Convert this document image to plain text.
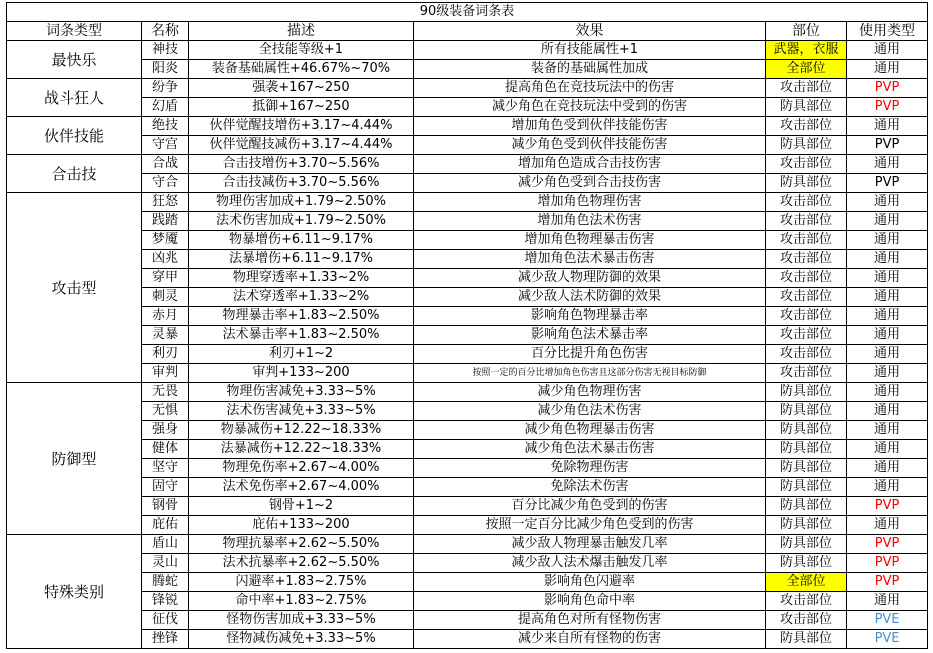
90级装备词条表					
词条类型	名称	描述	效果	部位	使用类型
最快乐	神技	全技能等级+1	所有技能属性+1	武器，衣服	通用
	阳炎	装备基础属性+46.67%~70%	装备的基础属性加成	全部位	通用
战斗狂人	纷争	强袭+167~250	提高角色在竞技玩法中的伤害	攻击部位	PVP
	幻盾	抵御+167~250	减少角色在竞技玩法中受到的伤害	防具部位	PVP
伙伴技能	绝技	伙伴觉醒技增伤+3.17~4.44%	增加角色受到伙伴技能伤害	攻击部位	通用
	守宫	伙伴觉醒技减伤+3.17~4.44%	减少角色受到伙伴技能伤害	防具部位	PVP
合击技	合战	合击技增伤+3.70~5.56%	增加角色造成合击技伤害	攻击部位	通用
	守合	合击技减伤+3.70~5.56%	减少角色受到合击技伤害	防具部位	PVP
攻击型	狂怒	物理伤害加成+1.79~2.50%	增加角色物理伤害	攻击部位	通用
	践踏	法术伤害加成+1.79~2.50%	增加角色法术伤害	攻击部位	通用
	梦魇	物暴增伤+6.11~9.17%	增加角色物理暴击伤害	攻击部位	通用
	凶兆	法暴增伤+6.11~9.17%	增加角色法术暴击伤害	攻击部位	通用
	穿甲	物理穿透率+1.33~2%	减少敌人物理防御的效果	攻击部位	通用
	刺灵	法术穿透率+1.33~2%	减少敌人法术防御的效果	攻击部位	通用
	赤月	物理暴击率+1.83~2.50%	影响角色物理暴击率	攻击部位	通用
	灵暴	法术暴击率+1.83~2.50%	影响角色法术暴击率	攻击部位	通用
	利刃	利刃+1~2	百分比提升角色伤害	攻击部位	通用
	审判	审判+133~200	按照一定的百分比增加角色伤害且这部分伤害无视目标防御	攻击部位	通用
防御型	无畏	物理伤害减免+3.33~5%	减少角色物理伤害	防具部位	通用
	无惧	法术伤害减免+3.33~5%	减少角色法术伤害	防具部位	通用
	强身	物暴减伤+12.22~18.33%	减少角色物理暴击伤害	防具部位	通用
	健体	法暴减伤+12.22~18.33%	减少角色法术暴击伤害	防具部位	通用
	坚守	物理免伤率+2.67~4.00%	免除物理伤害	防具部位	通用
	固守	法术免伤率+2.67~4.00%	免除法术伤害	防具部位	通用
	钢骨	钢骨+1~2	百分比减少角色受到的伤害	防具部位	PVP
	庇佑	庇佑+133~200	按照一定百分比减少角色受到的伤害	防具部位	通用
特殊类别	盾山	物理抗暴率+2.62~5.50%	减少敌人物理暴击触发几率	防具部位	PVP
	灵山	法术抗暴率+2.62~5.50%	减少敌人法术爆击触发几率	防具部位	PVP
	腾蛇	闪避率+1.83~2.75%	影响角色闪避率	全部位	PVP
	锋锐	命中率+1.83~2.75%	影响角色命中率	攻击部位	通用
	征伐	怪物伤害加成+3.33~5%	提高角色对所有怪物伤害	攻击部位	PVE
	挫锋	怪物减伤减免+3.33~5%	减少来自所有怪物的伤害	防具部位	PVE
